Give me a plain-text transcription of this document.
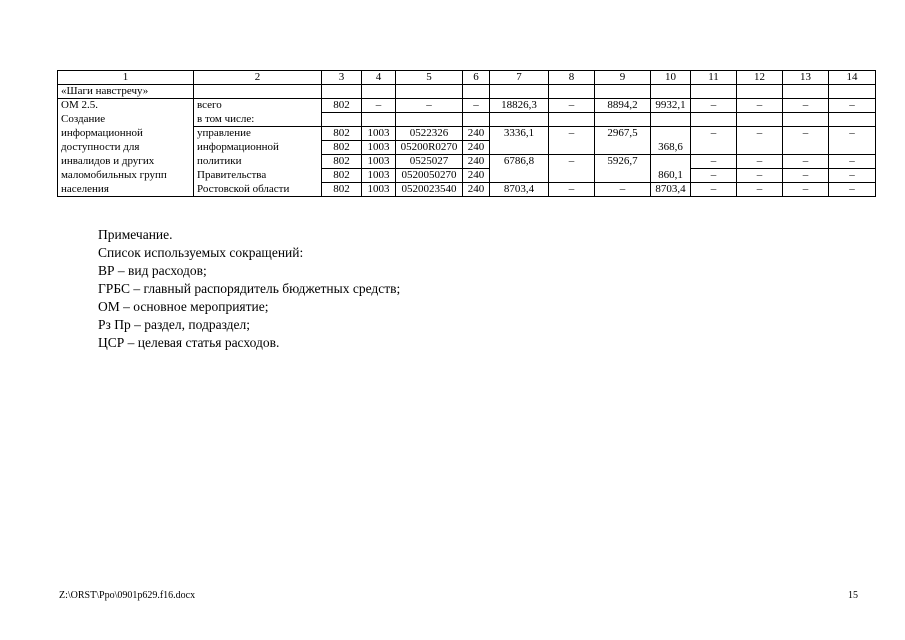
1	2	3	4	5	6	7	8	9	10	11	12	13	14
«Шаги навстречу»													
ОМ 2.5.	всего	802	–	–	–	18826,3	–	8894,2	9932,1	–	–	–	–
Создание	в том числе:												
информационной	управление	802	1003	0522326	240	3336,1	–	2967,5		–	–	–	–
доступности для	информационной	802	1003	05200R0270	240				368,6				
инвалидов и других	политики	802	1003	0525027	240	6786,8	–	5926,7		–	–	–	–
маломобильных групп	Правительства	802	1003	0520050270	240				860,1	–	–	–	–
населения	Ростовской области	802	1003	0520023540	240	8703,4	–	–	8703,4	–	–	–	–
Примечание.
Список используемых сокращений:
ВР – вид расходов;
ГРБС – главный распорядитель бюджетных средств;
ОМ – основное мероприятие;
Рз Пр – раздел, подраздел;
ЦСР – целевая статья расходов.
Z:\ORST\Ppo\0901p629.f16.docx	15
